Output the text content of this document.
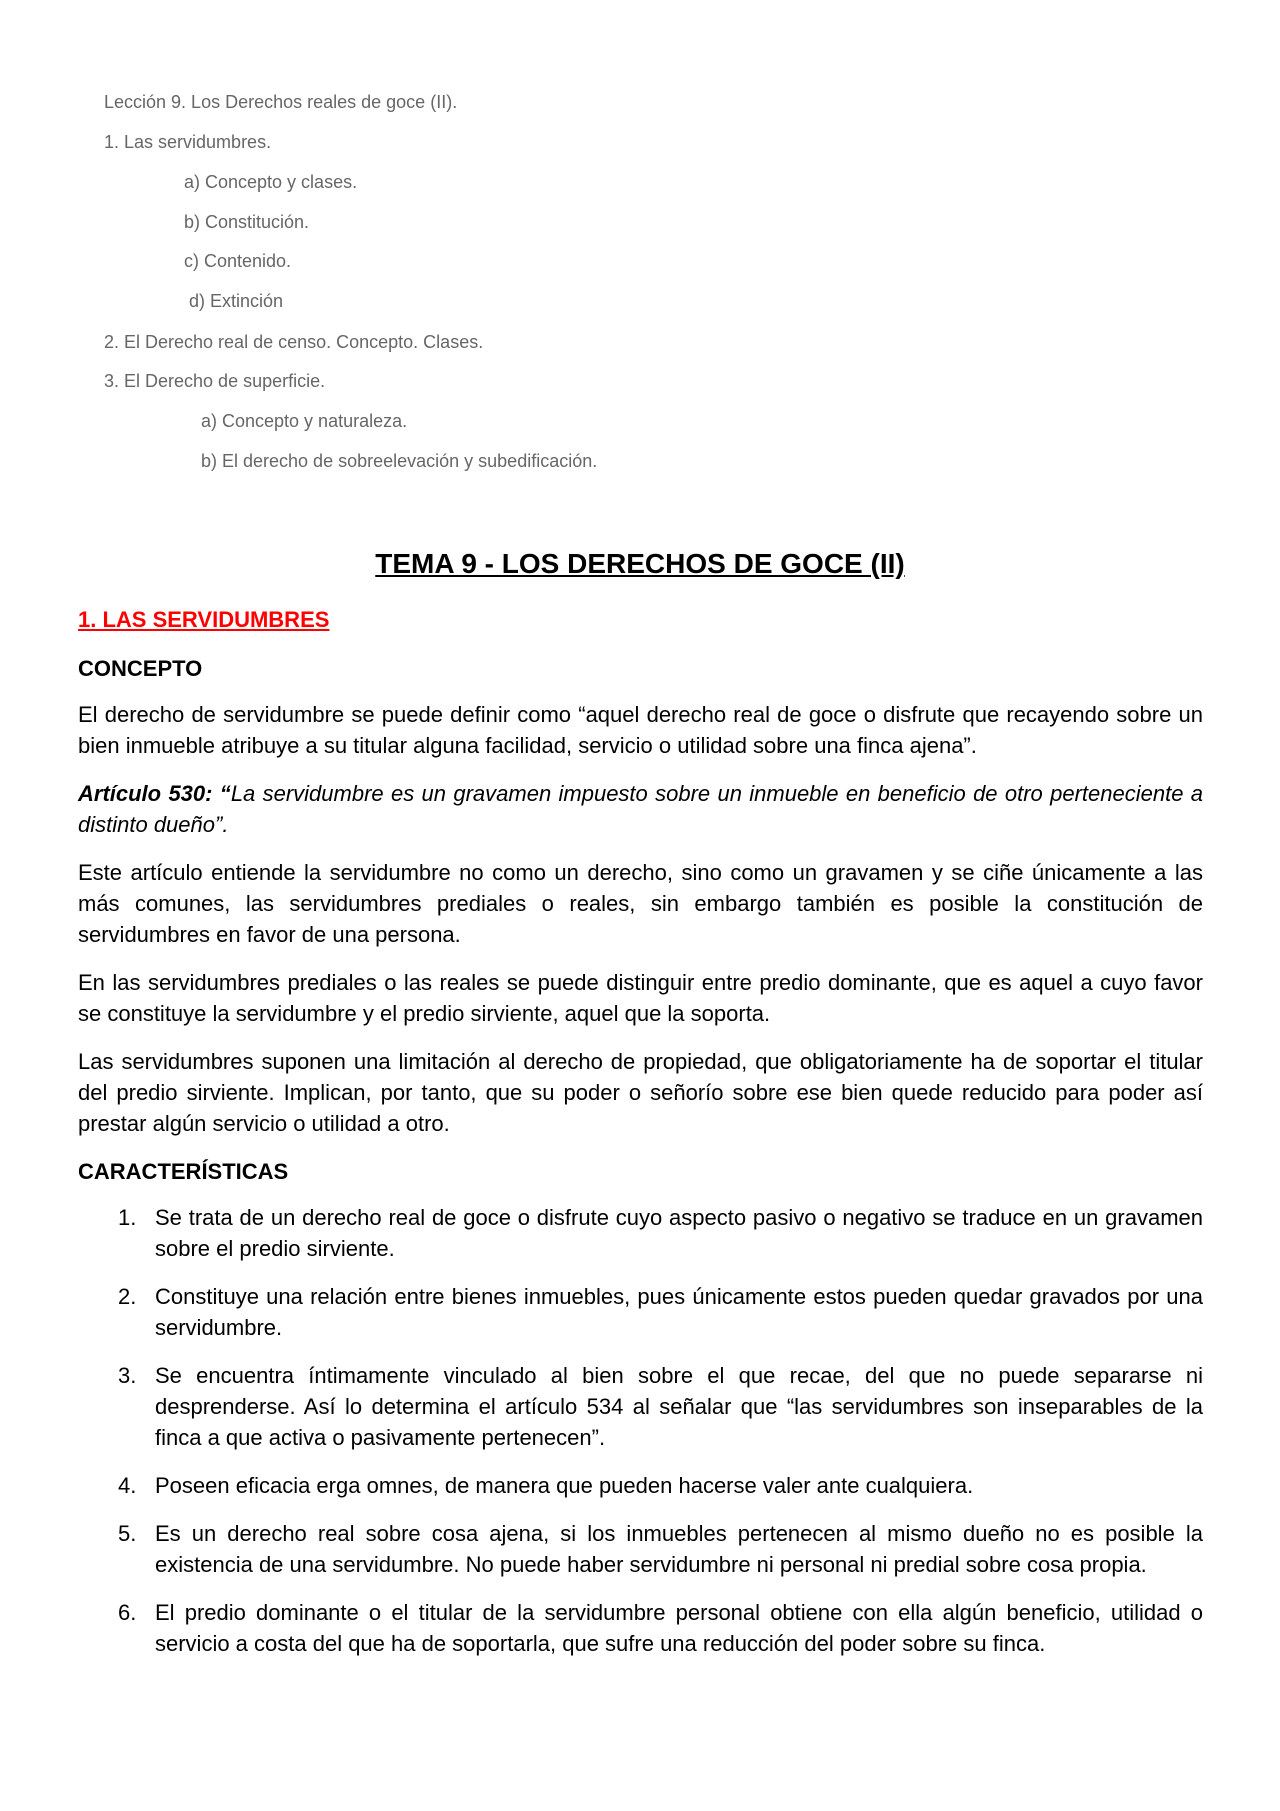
Lección 9. Los Derechos reales de goce (II).
1. Las servidumbres.
a) Concepto y clases.
b) Constitución.
c) Contenido.
d) Extinción
2. El Derecho real de censo. Concepto. Clases.
3. El Derecho de superficie.
a) Concepto y naturaleza.
b) El derecho de sobreelevación y subedificación.
TEMA 9 - LOS DERECHOS DE GOCE (II)
1. LAS SERVIDUMBRES
CONCEPTO

El derecho de servidumbre se puede definir como “aquel derecho real de goce o disfrute que recayendo sobre un bien inmueble atribuye a su titular alguna facilidad, servicio o utilidad sobre una finca ajena”.

Artículo 530: “La servidumbre es un gravamen impuesto sobre un inmueble en beneficio de otro perteneciente a distinto dueño”.

Este artículo entiende la servidumbre no como un derecho, sino como un gravamen y se ciñe únicamente a las más comunes, las servidumbres prediales o reales, sin embargo también es posible la constitución de servidumbres en favor de una persona.

En las servidumbres prediales o las reales se puede distinguir entre predio dominante, que es aquel a cuyo favor se constituye la servidumbre y el predio sirviente, aquel que la soporta.

Las servidumbres suponen una limitación al derecho de propiedad, que obligatoriamente ha de soportar el titular del predio sirviente. Implican, por tanto, que su poder o señorío sobre ese bien quede reducido para poder así prestar algún servicio o utilidad a otro.

CARACTERÍSTICAS
1. Se trata de un derecho real de goce o disfrute cuyo aspecto pasivo o negativo se traduce en un gravamen sobre el predio sirviente.
2. Constituye una relación entre bienes inmuebles, pues únicamente estos pueden quedar gravados por una servidumbre.
3. Se encuentra íntimamente vinculado al bien sobre el que recae, del que no puede separarse ni desprenderse. Así lo determina el artículo 534 al señalar que “las servidumbres son inseparables de la finca a que activa o pasivamente pertenecen”.
4. Poseen eficacia erga omnes, de manera que pueden hacerse valer ante cualquiera.
5. Es un derecho real sobre cosa ajena, si los inmuebles pertenecen al mismo dueño no es posible la existencia de una servidumbre. No puede haber servidumbre ni personal ni predial sobre cosa propia.
6. El predio dominante o el titular de la servidumbre personal obtiene con ella algún beneficio, utilidad o servicio a costa del que ha de soportarla, que sufre una reducción del poder sobre su finca.
